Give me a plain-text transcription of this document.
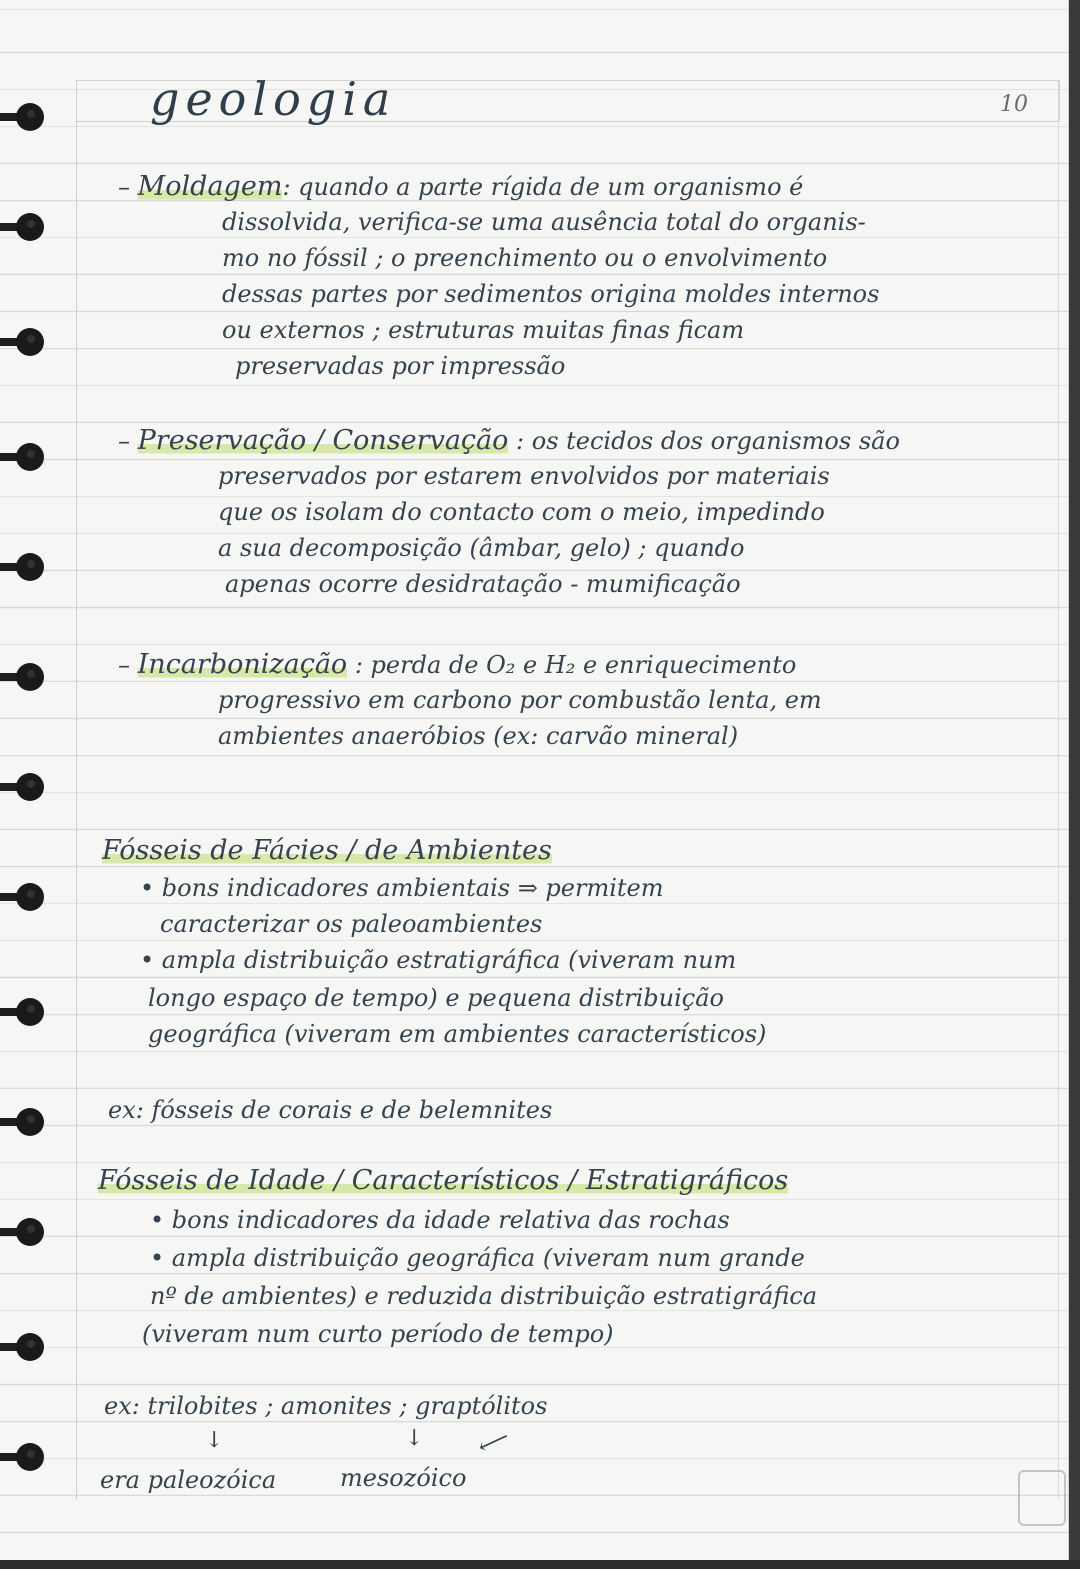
geologia	10
– Moldagem: quando a parte rígida de um organismo é
dissolvida, verifica-se uma ausência total do organis-
mo no fóssil ; o preenchimento ou o envolvimento
dessas partes por sedimentos origina moldes internos
ou externos ; estruturas muitas finas ficam
preservadas por impressão
– Preservação / Conservação : os tecidos dos organismos são
preservados por estarem envolvidos por materiais
que os isolam do contacto com o meio, impedindo
a sua decomposição (âmbar, gelo) ; quando
apenas ocorre desidratação - mumificação
– Incarbonização : perda de O₂ e H₂ e enriquecimento
progressivo em carbono por combustão lenta, em
ambientes anaeróbios (ex: carvão mineral)
Fósseis de Fácies / de Ambientes
• bons indicadores ambientais ⇒ permitem
caracterizar os paleoambientes
• ampla distribuição estratigráfica (viveram num
longo espaço de tempo) e pequena distribuição
geográfica (viveram em ambientes característicos)
ex: fósseis de corais e de belemnites
Fósseis de Idade / Característicos / Estratigráficos
• bons indicadores da idade relativa das rochas
• ampla distribuição geográfica (viveram num grande
nº de ambientes) e reduzida distribuição estratigráfica
(viveram num curto período de tempo)
ex: trilobites ; amonites ; graptólitos
↓	↓ ⟵
era paleozóica	mesozóico
